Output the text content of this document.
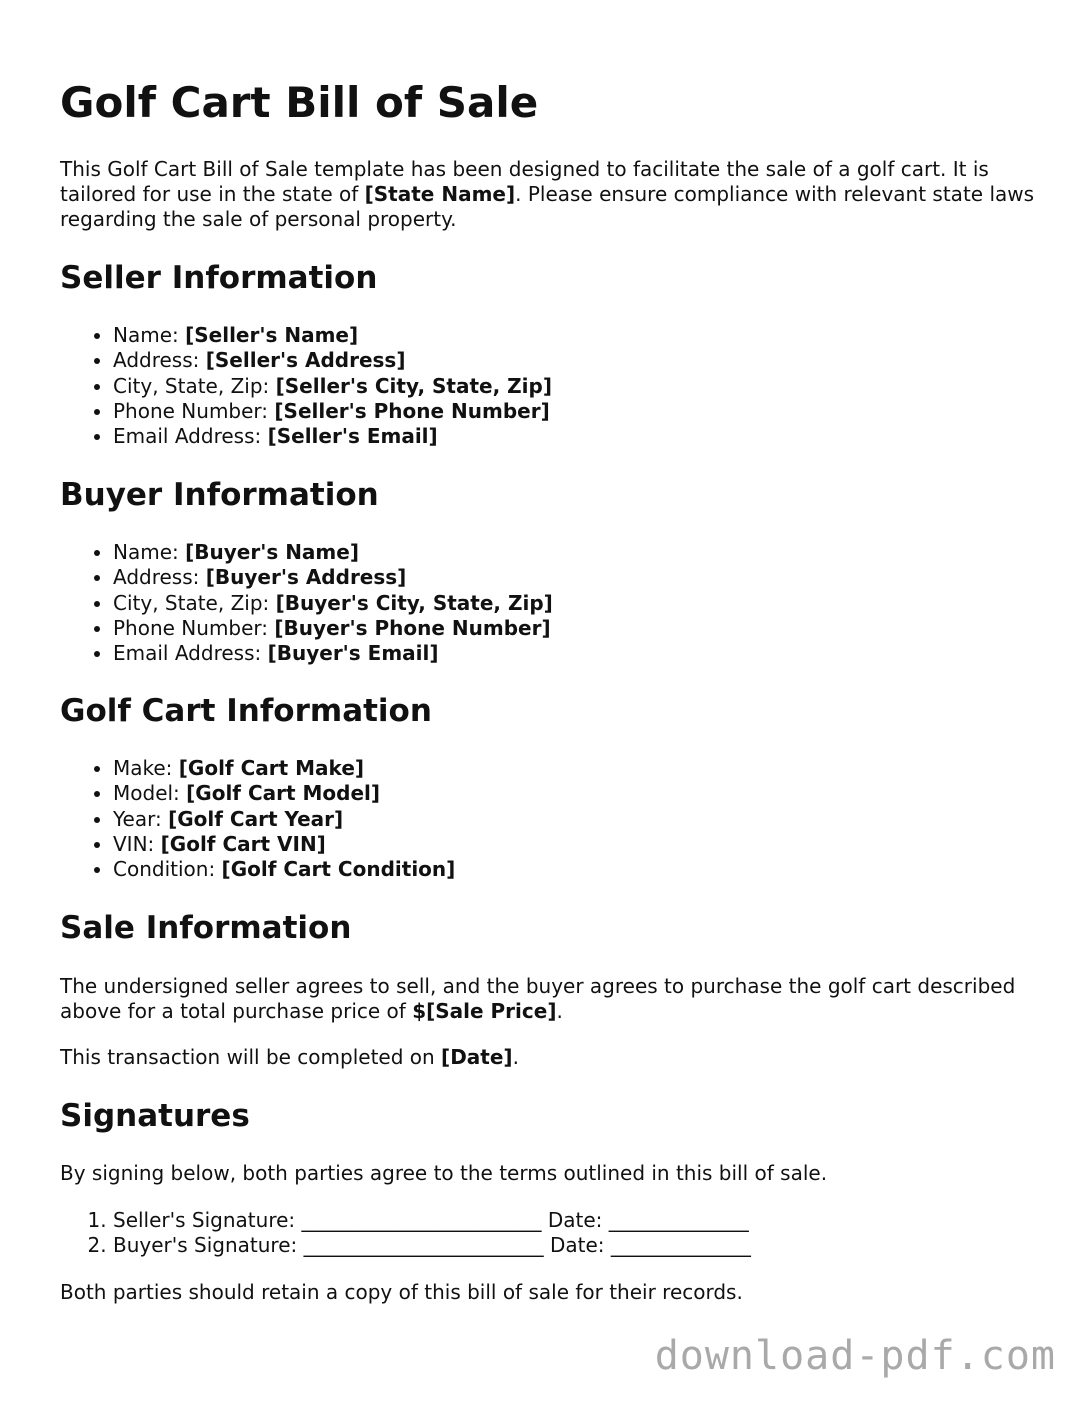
Golf Cart Bill of Sale

This Golf Cart Bill of Sale template has been designed to facilitate the sale of a golf cart. It is tailored for use in the state of [State Name]. Please ensure compliance with relevant state laws regarding the sale of personal property.

Seller Information
• Name: [Seller's Name]
• Address: [Seller's Address]
• City, State, Zip: [Seller's City, State, Zip]
• Phone Number: [Seller's Phone Number]
• Email Address: [Seller's Email]
Buyer Information
• Name: [Buyer's Name]
• Address: [Buyer's Address]
• City, State, Zip: [Buyer's City, State, Zip]
• Phone Number: [Buyer's Phone Number]
• Email Address: [Buyer's Email]
Golf Cart Information
• Make: [Golf Cart Make]
• Model: [Golf Cart Model]
• Year: [Golf Cart Year]
• VIN: [Golf Cart VIN]
• Condition: [Golf Cart Condition]
Sale Information

The undersigned seller agrees to sell, and the buyer agrees to purchase the golf cart described above for a total purchase price of $[Sale Price].

This transaction will be completed on [Date].

Signatures

By signing below, both parties agree to the terms outlined in this bill of sale.

1. Seller's Signature: ________________________ Date: ______________
2. Buyer's Signature: ________________________ Date: ______________

Both parties should retain a copy of this bill of sale for their records.

download-pdf.com
